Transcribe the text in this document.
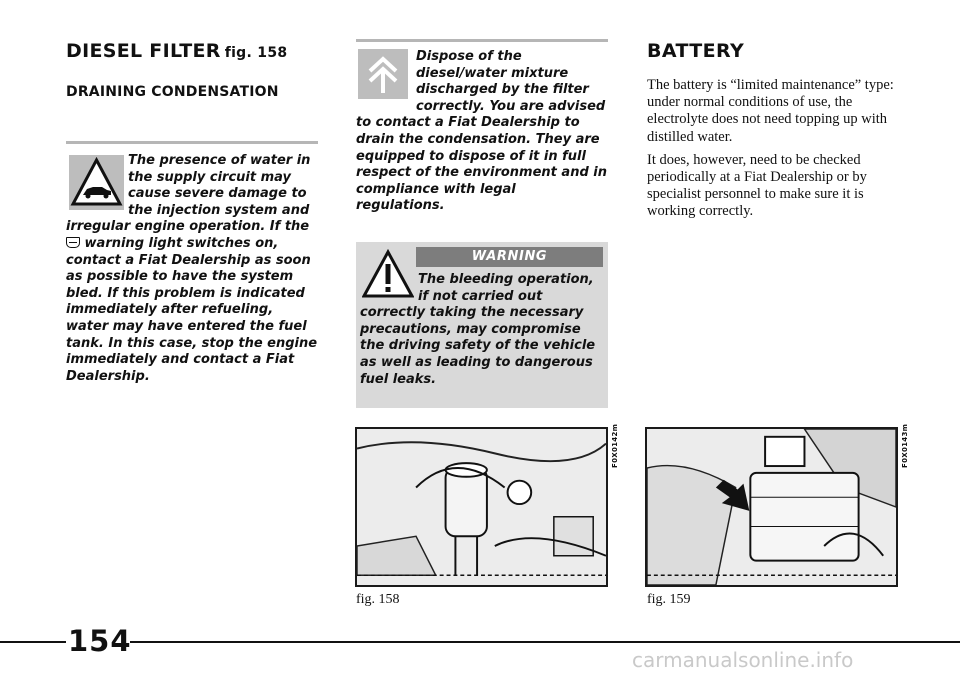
DIESEL FILTER fig. 158
DRAINING CONDENSATION
The presence of water in the supply circuit may cause severe damage to the injection system and irregular engine operation. If the  warning light switches on, contact a Fiat Dealership as soon as possible to have the system bled. If this problem is indicated immediately after refueling, water may have entered the fuel tank. In this case, stop the engine immediately and contact a Fiat Dealership.
Dispose of the diesel/water mixture discharged by the filter correctly. You are advised to contact a Fiat Dealership to drain the condensation. They are equipped to dispose of it in full respect of the environment and in compliance with legal regulations.
WARNING
The bleeding operation, if not carried out correctly taking the necessary precautions, may compromise the driving safety of the vehicle as well as leading to dangerous fuel leaks.
BATTERY

The battery is “limited maintenance” type: under normal conditions of use, the electrolyte does not need topping up with distilled water.

It does, however, need to be checked periodically at a Fiat Dealership or by specialist personnel to make sure it is working correctly.

F0X0142m
fig. 158
F0X0143m
fig. 159
154
carmanualsonline.info
